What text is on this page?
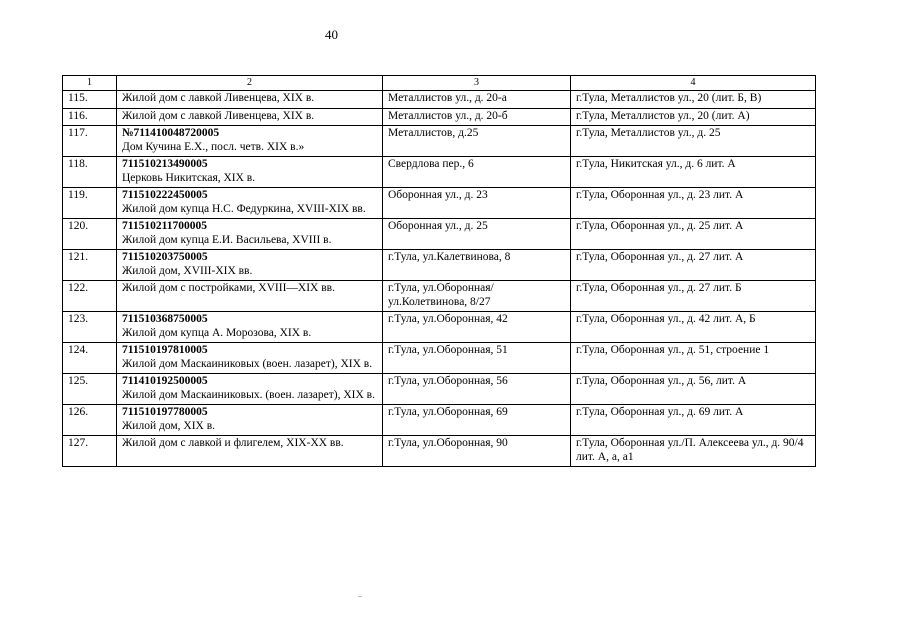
40
1	2	3	4
115.	Жилой дом с лавкой Ливенцева, XIX в.	Металлистов ул., д. 20-а	г.Тула, Металлистов ул., 20 (лит. Б, В)
116.	Жилой дом с лавкой Ливенцева, XIX в.	Металлистов ул., д. 20-б	г.Тула, Металлистов ул., 20 (лит. А)
117.	№711410048720005
Дом Кучина Е.Х., посл. четв. XIX в.»	Металлистов, д.25	г.Тула, Металлистов ул., д. 25
118.	711510213490005
Церковь Никитская, XIX в.	Свердлова пер., 6	г.Тула, Никитская ул., д. 6 лит. А
119.	711510222450005
Жилой дом купца Н.С. Федуркина, XVIII-XIX вв.	Оборонная ул., д. 23	г.Тула, Оборонная ул., д. 23 лит. А
120.	711510211700005
Жилой дом купца Е.И. Васильева, XVIII в.	Оборонная ул., д. 25	г.Тула, Оборонная ул., д. 25 лит. А
121.	711510203750005
Жилой дом, XVIII-XIX вв.	г.Тула, ул.Калетвинова, 8	г.Тула, Оборонная ул., д. 27 лит. А
122.	Жилой дом с постройками, XVIII—XIX вв.	г.Тула, ул.Оборонная/ул.Колетвинова, 8/27	г.Тула, Оборонная ул., д. 27 лит. Б
123.	711510368750005
Жилой дом купца А. Морозова, XIX в.	г.Тула, ул.Оборонная, 42	г.Тула, Оборонная ул., д. 42 лит. А, Б
124.	711510197810005
Жилой дом Маскаиниковых (воен. лазарет), XIX в.	г.Тула, ул.Оборонная, 51	г.Тула, Оборонная ул., д. 51, строение 1
125.	711410192500005
Жилой дом Маскаиниковых. (воен. лазарет), XIX в.	г.Тула, ул.Оборонная, 56	г.Тула, Оборонная ул., д. 56, лит. А
126.	711510197780005
Жилой дом, XIX в.	г.Тула, ул.Оборонная, 69	г.Тула, Оборонная ул., д. 69 лит. А
127.	Жилой дом с лавкой и флигелем, XIX-XX вв.	г.Тула, ул.Оборонная, 90	г.Тула, Оборонная ул./П. Алексеева ул., д. 90/4 лит. А, а, а1
